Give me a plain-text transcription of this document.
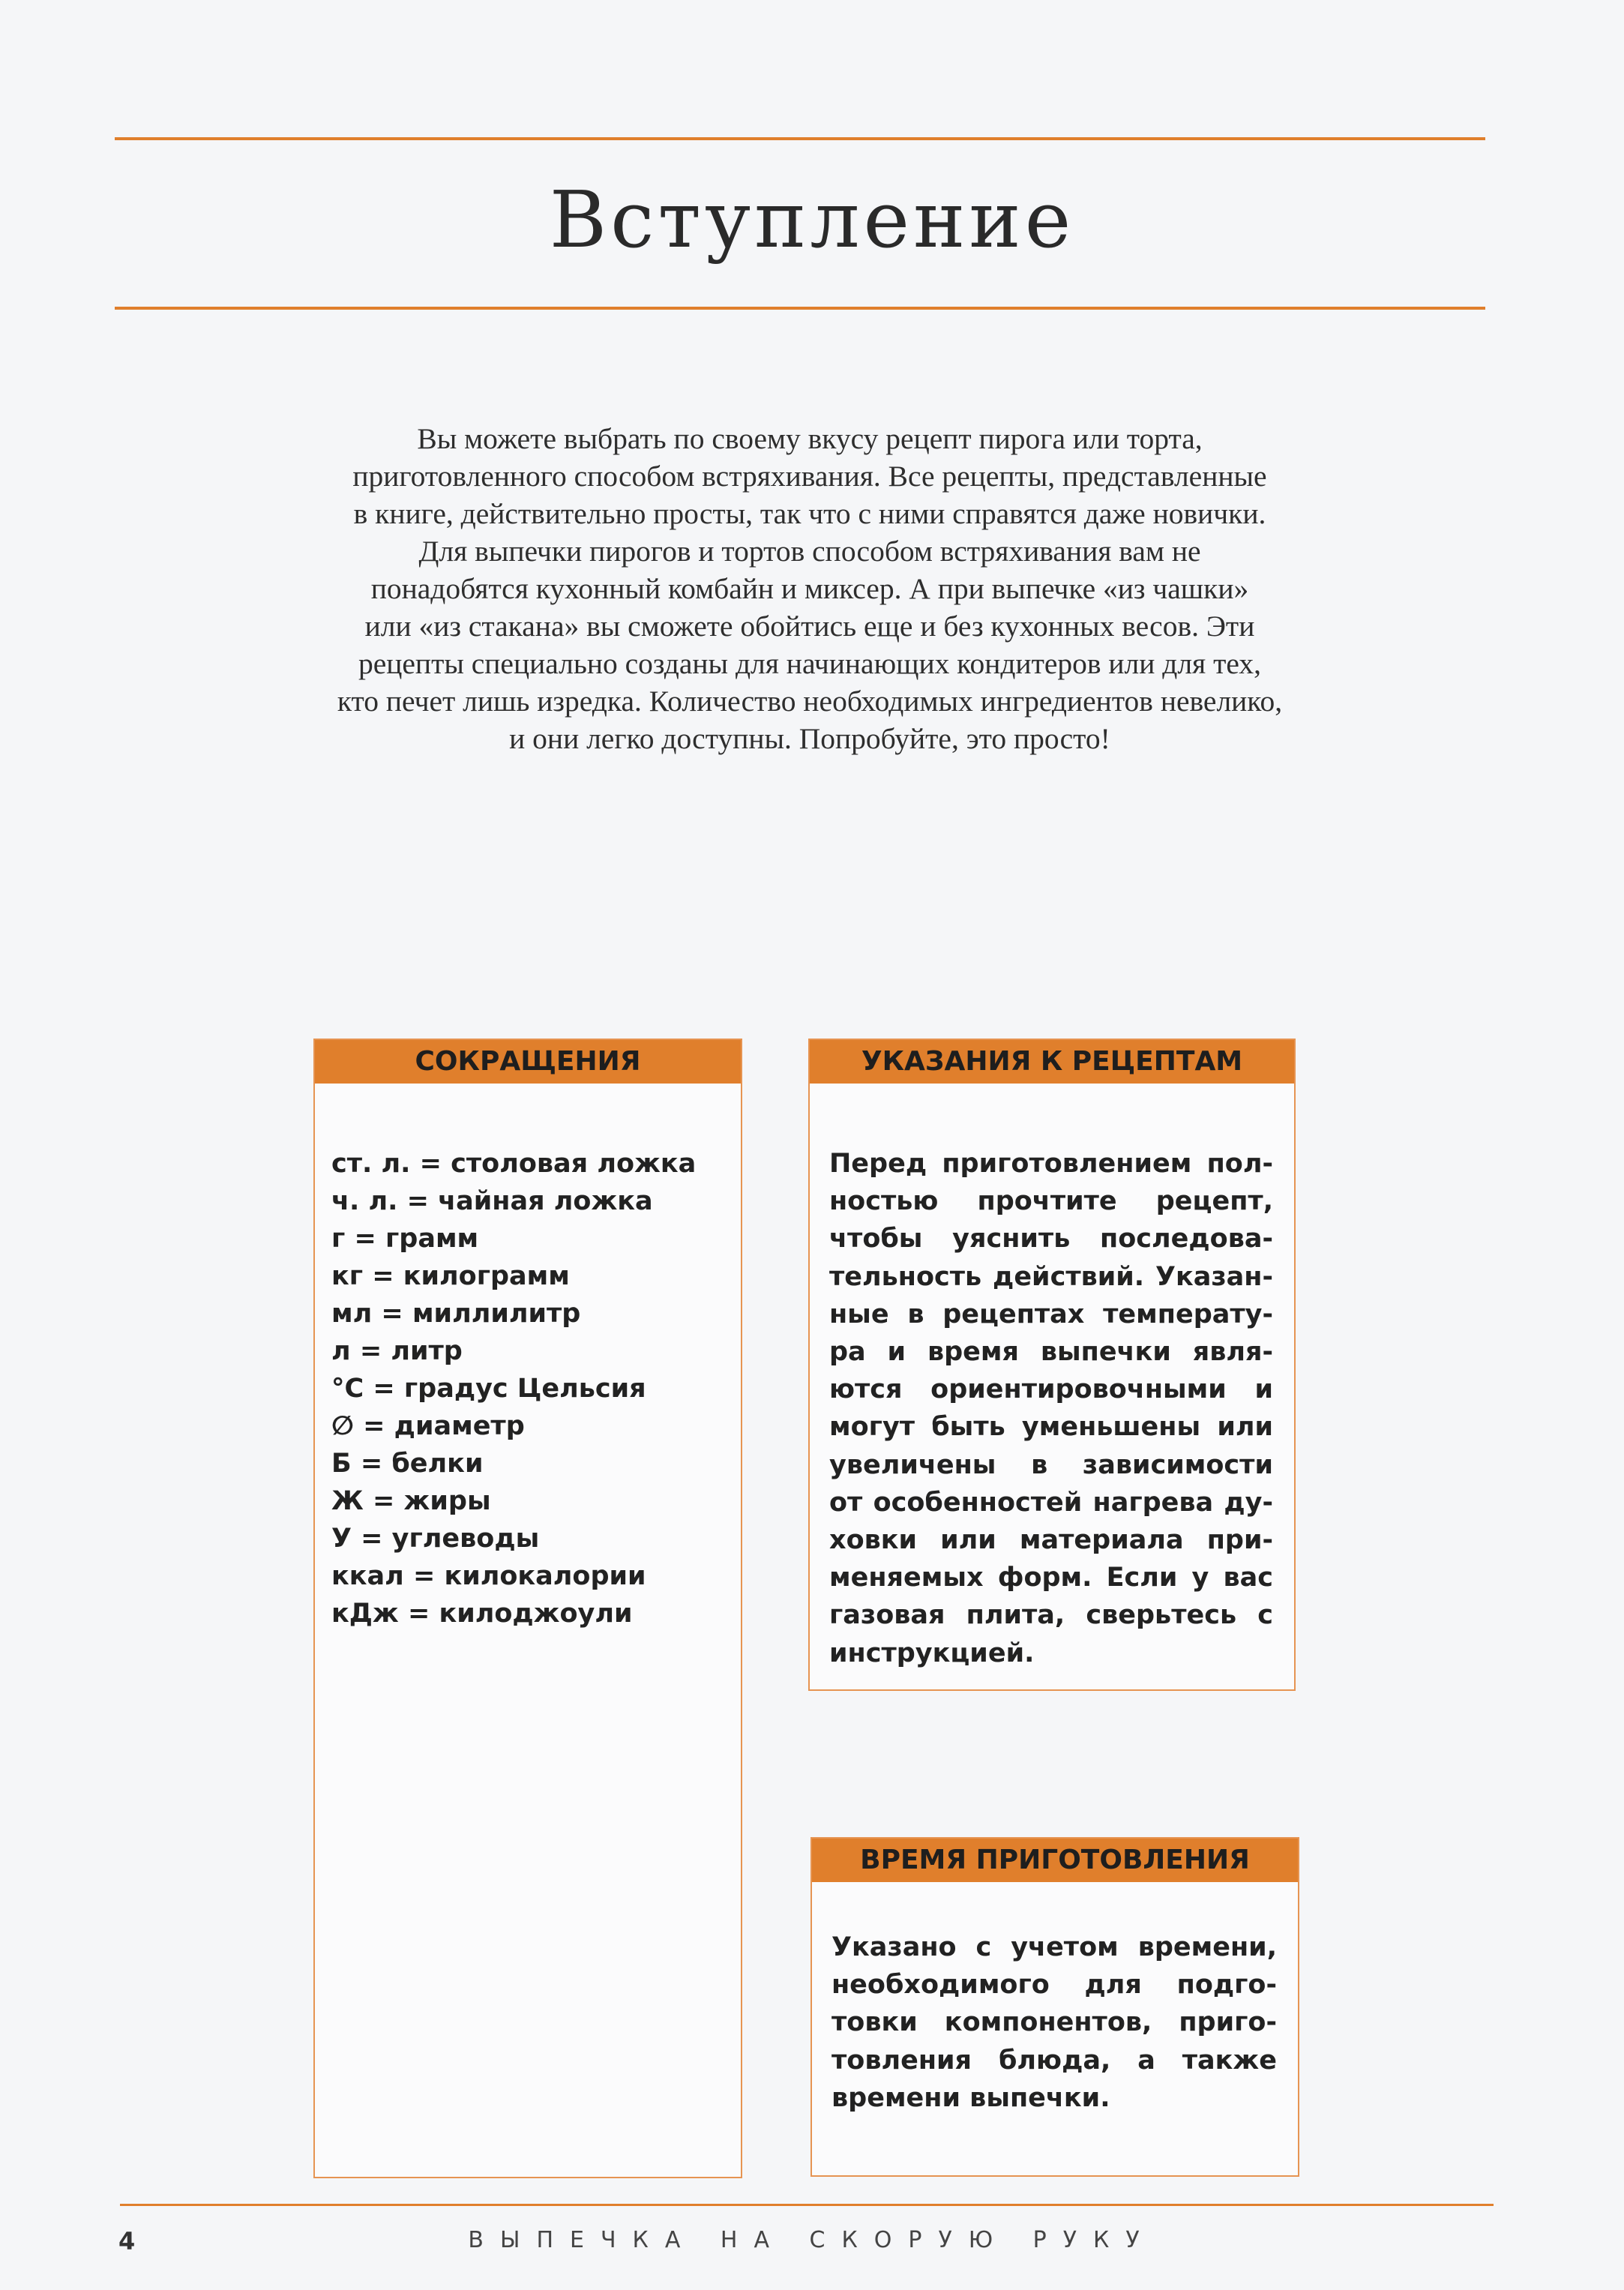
Вступление
Вы можете выбрать по своему вкусу рецепт пирога или торта,
приготовленного способом встряхивания. Все рецепты, представленные
в книге, действительно просты, так что с ними справятся даже новички.
Для выпечки пирогов и тортов способом встряхивания вам не
понадобятся кухонный комбайн и миксер. А при выпечке «из чашки»
или «из стакана» вы сможете обойтись еще и без кухонных весов. Эти
рецепты специально созданы для начинающих кондитеров или для тех,
кто печет лишь изредка. Количество необходимых ингредиентов невелико,
и они легко доступны. Попробуйте, это просто!
СОКРАЩЕНИЯ
ст. л. = столовая ложка
ч. л. = чайная ложка
г = грамм
кг = килограмм
мл = миллилитр
л = литр
°С = градус Цельсия
∅ = диаметр
Б = белки
Ж = жиры
У = углеводы
ккал = килокалории
кДж = килоджоули
УКАЗАНИЯ К РЕЦЕПТАМ
Перед приготовлением пол-
ностью прочтите рецепт,
чтобы уяснить последова-
тельность действий. Указан-
ные в рецептах температу-
ра и время выпечки явля-
ются ориентировочными и
могут быть уменьшены или
увеличены в зависимости
от особенностей нагрева ду-
ховки или материала при-
меняемых форм. Если у вас
газовая плита, сверьтесь с
инструкцией.
ВРЕМЯ ПРИГОТОВЛЕНИЯ
Указано с учетом времени,
необходимого для подго-
товки компонентов, приго-
товления блюда, а также
времени выпечки.
4	ВЫПЕЧКА НА СКОРУЮ РУКУ
